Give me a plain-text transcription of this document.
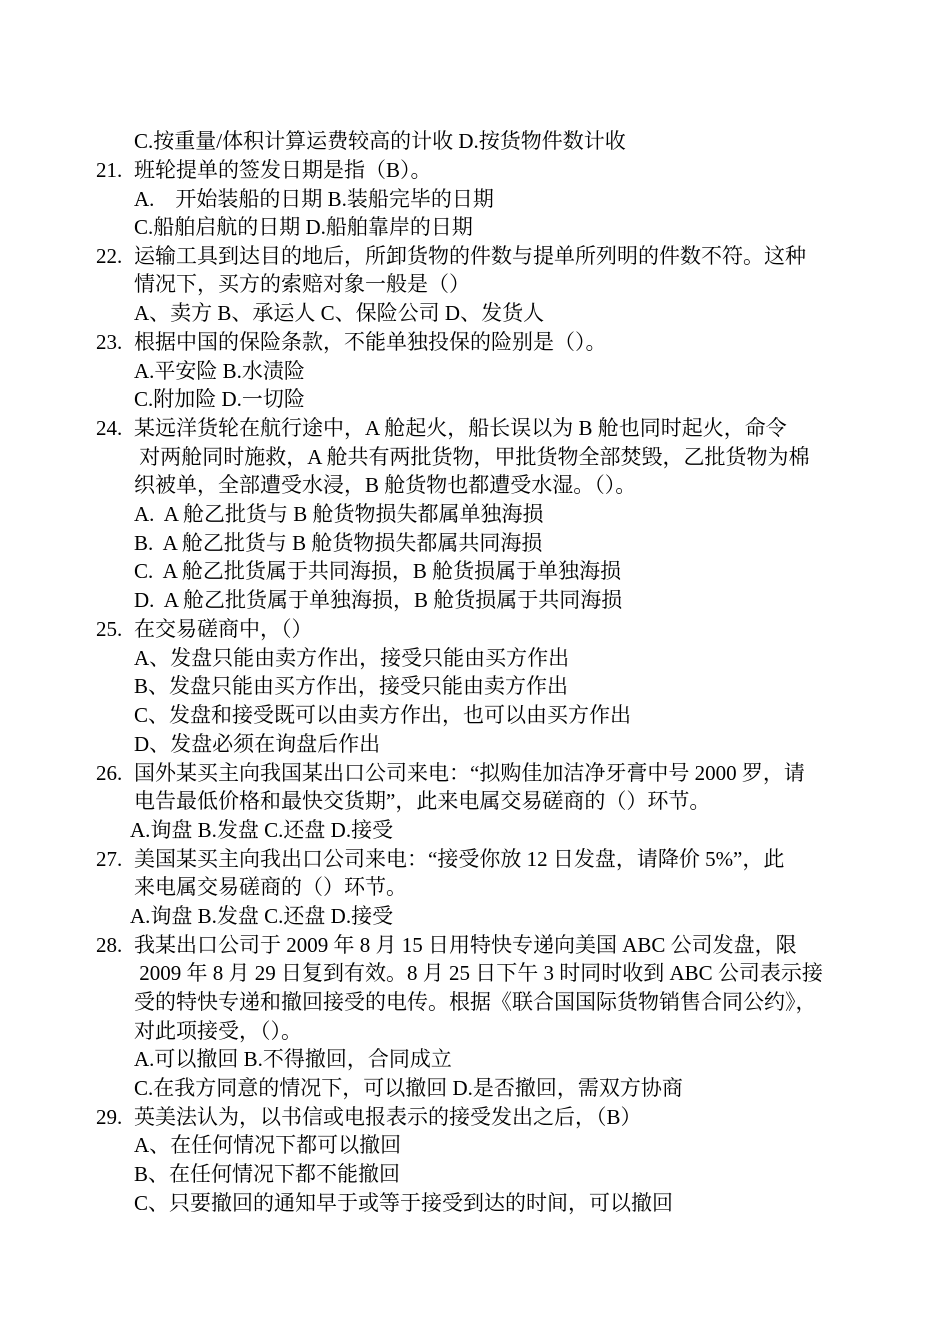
C.按重量/体积计算运费较高的计收 D.按货物件数计收
21. 班轮提单的签发日期是指（B）。
A.    开始装船的日期 B.装船完毕的日期
C.船舶启航的日期 D.船舶靠岸的日期
22. 运输工具到达目的地后，所卸货物的件数与提单所列明的件数不符。这种
情况下，买方的索赔对象一般是（）
A、卖方 B、承运人 C、保险公司 D、发货人
23. 根据中国的保险条款，不能单独投保的险别是（）。
A.平安险 B.水渍险
C.附加险 D.一切险
24. 某远洋货轮在航行途中，A 舱起火，船长误以为 B 舱也同时起火，命令
对两舱同时施救，A 舱共有两批货物，甲批货物全部焚毁，乙批货物为棉
织被单，全部遭受水浸，B 舱货物也都遭受水湿。（）。
A.  A 舱乙批货与 B 舱货物损失都属单独海损
B.  A 舱乙批货与 B 舱货物损失都属共同海损
C.  A 舱乙批货属于共同海损，B 舱货损属于单独海损
D.  A 舱乙批货属于单独海损，B 舱货损属于共同海损
25. 在交易磋商中，（）
A、发盘只能由卖方作出，接受只能由买方作出
B、发盘只能由买方作出，接受只能由卖方作出
C、发盘和接受既可以由卖方作出，也可以由买方作出
D、发盘必须在询盘后作出
26. 国外某买主向我国某出口公司来电：“拟购佳加洁净牙膏中号 2000 罗，请
电告最低价格和最快交货期”，此来电属交易磋商的（）环节。
A.询盘 B.发盘 C.还盘 D.接受
27. 美国某买主向我出口公司来电：“接受你放 12 日发盘，请降价 5%”，此
来电属交易磋商的（）环节。
A.询盘 B.发盘 C.还盘 D.接受
28. 我某出口公司于 2009 年 8 月 15 日用特快专递向美国 ABC 公司发盘，限
2009 年 8 月 29 日复到有效。8 月 25 日下午 3 时同时收到 ABC 公司表示接
受的特快专递和撤回接受的电传。根据《联合国国际货物销售合同公约》，
对此项接受，（）。
A.可以撤回 B.不得撤回，合同成立
C.在我方同意的情况下，可以撤回 D.是否撤回，需双方协商
29. 英美法认为，以书信或电报表示的接受发出之后，（B）
A、在任何情况下都可以撤回
B、在任何情况下都不能撤回
C、只要撤回的通知早于或等于接受到达的时间，可以撤回
